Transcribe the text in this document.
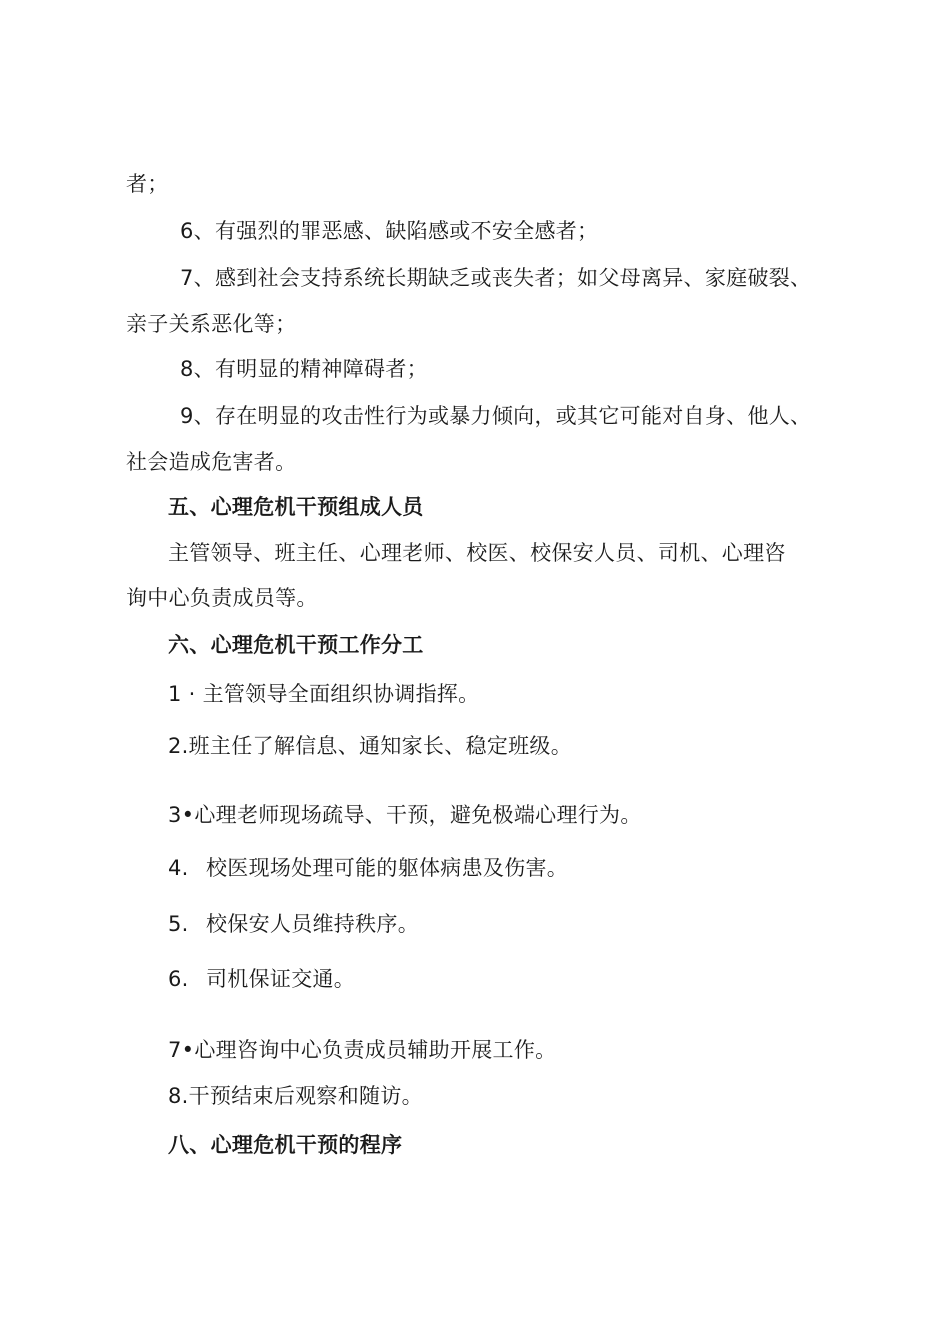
者；
6、有强烈的罪恶感、缺陷感或不安全感者；
7、感到社会支持系统长期缺乏或丧失者；如父母离异、家庭破裂、
亲子关系恶化等；
8、有明显的精神障碍者；
9、存在明显的攻击性行为或暴力倾向，或其它可能对自身、他人、
社会造成危害者。
五、心理危机干预组成人员
主管领导、班主任、心理老师、校医、校保安人员、司机、心理咨
询中心负责成员等。
六、心理危机干预工作分工
1 · 主管领导全面组织协调指挥。
2.班主任了解信息、通知家长、稳定班级。
3•心理老师现场疏导、干预，避免极端心理行为。
4. 校医现场处理可能的躯体病患及伤害。
5. 校保安人员维持秩序。
6. 司机保证交通。
7•心理咨询中心负责成员辅助开展工作。
8.干预结束后观察和随访。
八、心理危机干预的程序
